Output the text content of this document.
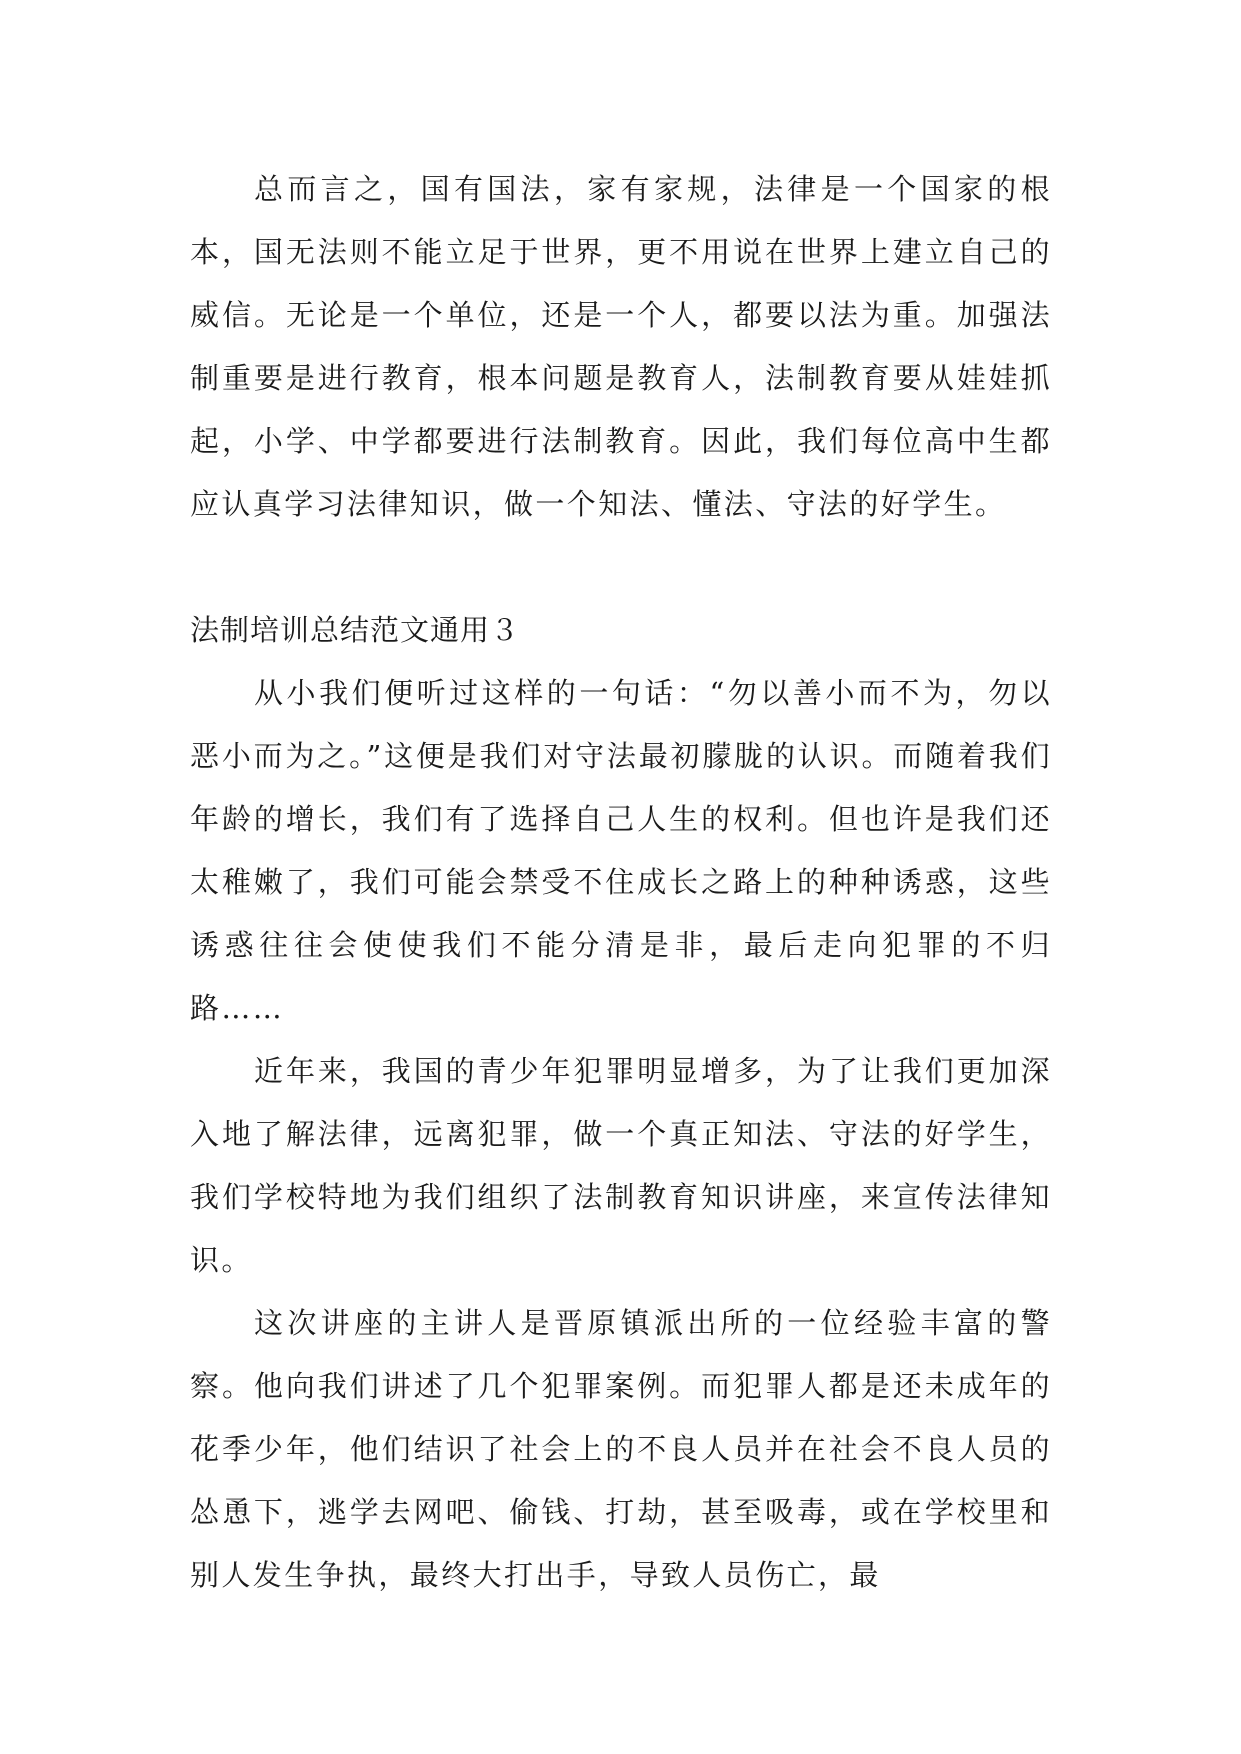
总而言之，国有国法，家有家规，法律是一个国家的根本，国无法则不能立足于世界，更不用说在世界上建立自己的威信。无论是一个单位，还是一个人，都要以法为重。加强法制重要是进行教育，根本问题是教育人，法制教育要从娃娃抓起，小学、中学都要进行法制教育。因此，我们每位高中生都应认真学习法律知识，做一个知法、懂法、守法的好学生。

法制培训总结范文通用３

从小我们便听过这样的一句话：“勿以善小而不为，勿以恶小而为之。”这便是我们对守法最初朦胧的认识。而随着我们年龄的增长，我们有了选择自己人生的权利。但也许是我们还太稚嫩了，我们可能会禁受不住成长之路上的种种诱惑，这些诱惑往往会使使我们不能分清是非，最后走向犯罪的不归路……

近年来，我国的青少年犯罪明显增多，为了让我们更加深入地了解法律，远离犯罪，做一个真正知法、守法的好学生，我们学校特地为我们组织了法制教育知识讲座，来宣传法律知识。

这次讲座的主讲人是晋原镇派出所的一位经验丰富的警察。他向我们讲述了几个犯罪案例。而犯罪人都是还未成年的花季少年，他们结识了社会上的不良人员并在社会不良人员的怂恿下，逃学去网吧、偷钱、打劫，甚至吸毒，或在学校里和别人发生争执，最终大打出手，导致人员伤亡，最
